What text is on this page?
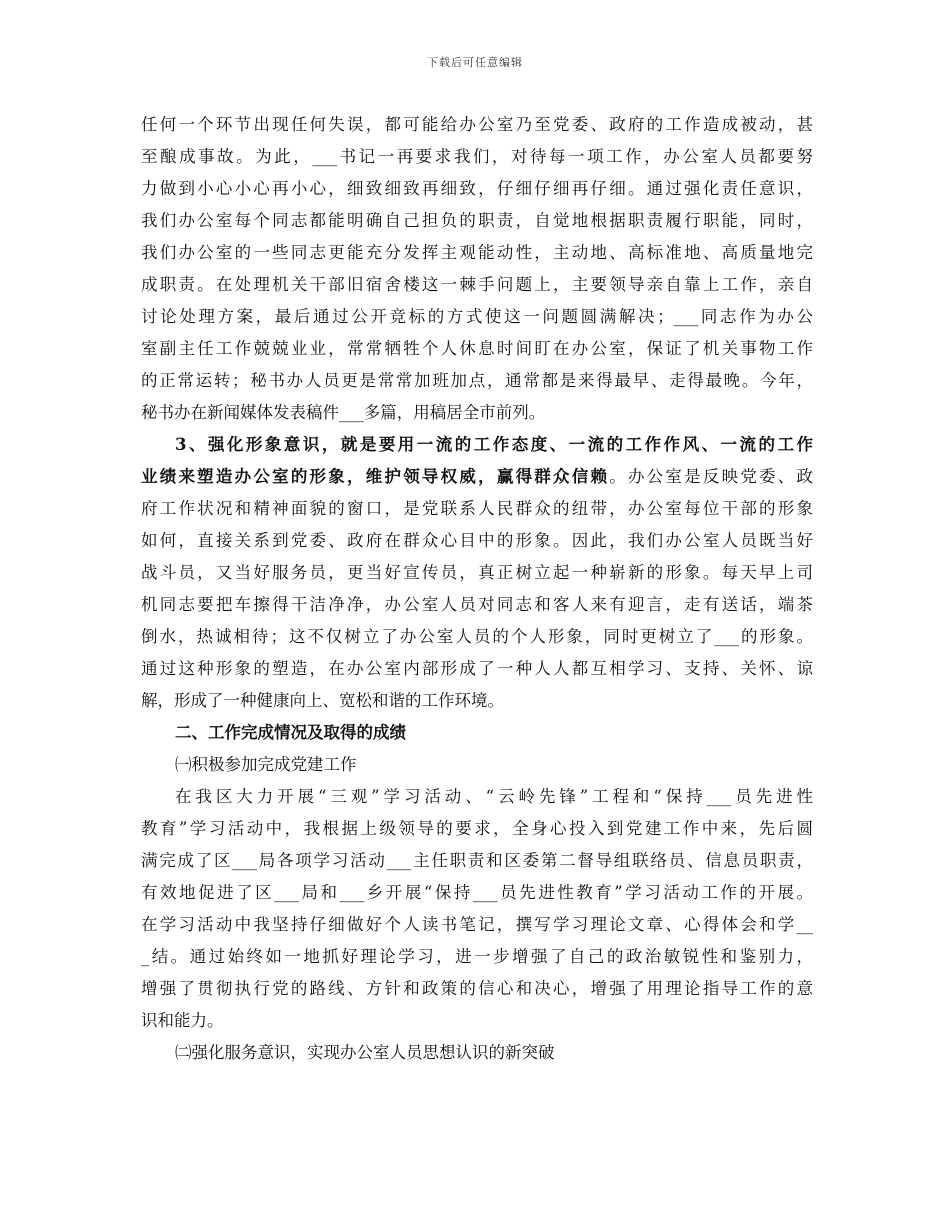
下载后可任意编辑
任何一个环节出现任何失误，都可能给办公室乃至党委、政府的工作造成被动，甚
至酿成事故。为此，___书记一再要求我们，对待每一项工作，办公室人员都要努
力做到小心小心再小心，细致细致再细致，仔细仔细再仔细。通过强化责任意识，
我们办公室每个同志都能明确自己担负的职责，自觉地根据职责履行职能，同时，
我们办公室的一些同志更能充分发挥主观能动性，主动地、高标准地、高质量地完
成职责。在处理机关干部旧宿舍楼这一棘手问题上，主要领导亲自靠上工作，亲自
讨论处理方案，最后通过公开竞标的方式使这一问题圆满解决；___同志作为办公
室副主任工作兢兢业业，常常牺牲个人休息时间盯在办公室，保证了机关事物工作
的正常运转；秘书办人员更是常常加班加点，通常都是来得最早、走得最晚。今年，
秘书办在新闻媒体发表稿件___多篇，用稿居全市前列。
3、强化形象意识，就是要用一流的工作态度、一流的工作作风、一流的工作
业绩来塑造办公室的形象，维护领导权威，赢得群众信赖。办公室是反映党委、政
府工作状况和精神面貌的窗口，是党联系人民群众的纽带，办公室每位干部的形象
如何，直接关系到党委、政府在群众心目中的形象。因此，我们办公室人员既当好
战斗员，又当好服务员，更当好宣传员，真正树立起一种崭新的形象。每天早上司
机同志要把车擦得干洁净净，办公室人员对同志和客人来有迎言，走有送话，端茶
倒水，热诚相待；这不仅树立了办公室人员的个人形象，同时更树立了___的形象。
通过这种形象的塑造，在办公室内部形成了一种人人都互相学习、支持、关怀、谅
解，形成了一种健康向上、宽松和谐的工作环境。
二、工作完成情况及取得的成绩
㈠积极参加完成党建工作
在我区大力开展“三观”学习活动、“云岭先锋”工程和“保持___员先进性
教育”学习活动中，我根据上级领导的要求，全身心投入到党建工作中来，先后圆
满完成了区___局各项学习活动___主任职责和区委第二督导组联络员、信息员职责，
有效地促进了区___局和___乡开展“保持___员先进性教育”学习活动工作的开展。
在学习活动中我坚持仔细做好个人读书笔记，撰写学习理论文章、心得体会和学__
_结。通过始终如一地抓好理论学习，进一步增强了自己的政治敏锐性和鉴别力，
增强了贯彻执行党的路线、方针和政策的信心和决心，增强了用理论指导工作的意
识和能力。
㈡强化服务意识，实现办公室人员思想认识的新突破
